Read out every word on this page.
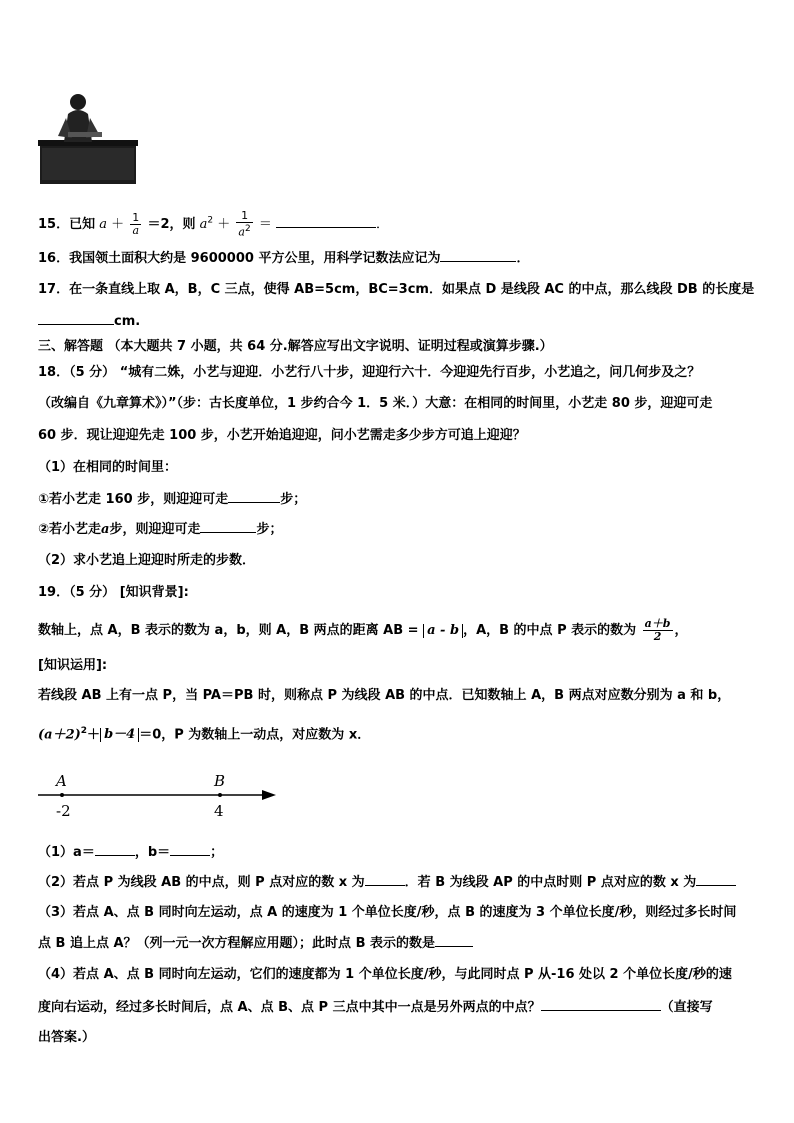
15．已知 $a + \frac{1}{a} =2$，则 $a^2 + \frac{1}{a^2}$ ＝	．
16．我国领土面积大约是 9600000 平方公里，用科学记数法应记为	．
17．在一条直线上取 A，B，C 三点，使得 AB=5cm，BC=3cm．如果点 D 是线段 AC 的中点，那么线段 DB 的长度是
cm.
三、解答题 （本大题共 7 小题，共 64 分.解答应写出文字说明、证明过程或演算步骤.）
18．（5 分） “城有二姝，小艺与迎迎．小艺行八十步，迎迎行六十．今迎迎先行百步，小艺追之，问几何步及之？
（改编自《九章算术》）”（步：古长度单位，1 步约合今 1．5 米．）大意：在相同的时间里，小艺走 80 步，迎迎可走
60 步．现让迎迎先走 100 步，小艺开始追迎迎，问小艺需走多少步方可追上迎迎？
（1）在相同的时间里：
①若小艺走 160 步，则迎迎可走	步；
②若小艺走a步，则迎迎可走	步；
（2）求小艺追上迎迎时所走的步数．
19．（5 分） [知识背景]:
数轴上，点 A，B 表示的数为 a，b，则 A，B 两点的距离 AB = a - b ，A，B 的中点 P 表示的数为 $\frac{a+b}{2}$ ，
[知识运用]:
若线段 AB 上有一点 P，当 PA＝PB 时，则称点 P 为线段 AB 的中点．已知数轴上 A，B 两点对应数分别为 a 和 b，
$(a+2)^2+ b-4 =0$，P 为数轴上一动点，对应数为 x．
A	B
-2	4
（1）a＝	，b＝	；
（2）若点 P 为线段 AB 的中点，则 P 点对应的数 x 为	．若 B 为线段 AP 的中点时则 P 点对应的数 x 为
（3）若点 A、点 B 同时向左运动，点 A 的速度为 1 个单位长度/秒，点 B 的速度为 3 个单位长度/秒，则经过多长时间
点 B 追上点 A？（列一元一次方程解应用题）；此时点 B 表示的数是
（4）若点 A、点 B 同时向左运动，它们的速度都为 1 个单位长度/秒，与此同时点 P 从-16 处以 2 个单位长度/秒的速
度向右运动，经过多长时间后，点 A、点 B、点 P 三点中其中一点是另外两点的中点？	（直接写
出答案.）
